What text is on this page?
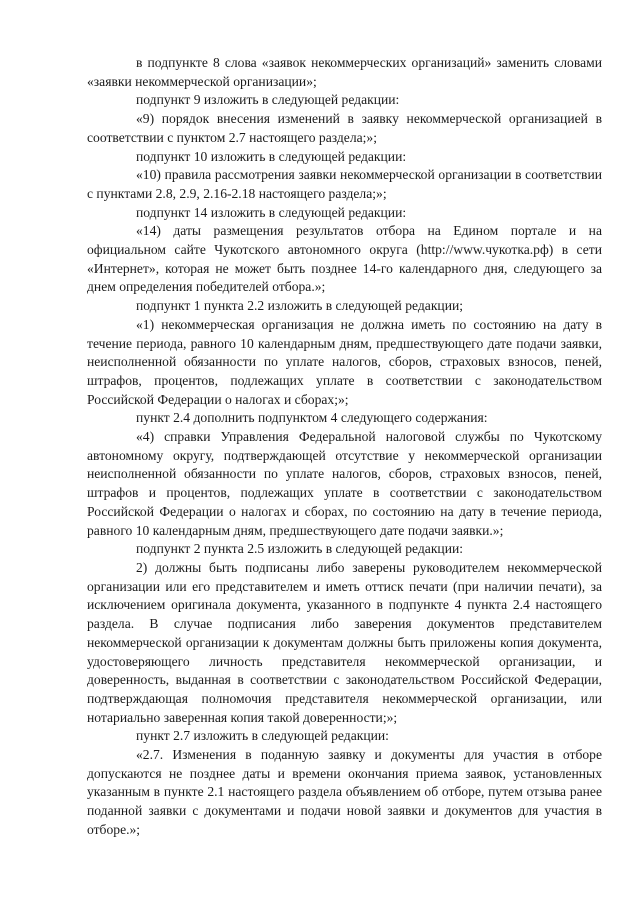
в подпункте 8 слова «заявок некоммерческих организаций» заменить словами «заявки некоммерческой организации»;

подпункт 9 изложить в следующей редакции:

«9) порядок внесения изменений в заявку некоммерческой организацией в соответствии с пунктом 2.7 настоящего раздела;»;

подпункт 10 изложить в следующей редакции:

«10) правила рассмотрения заявки некоммерческой организации в соответствии с пунктами 2.8, 2.9, 2.16-2.18 настоящего раздела;»;

подпункт 14 изложить в следующей редакции:

«14) даты размещения результатов отбора на Едином портале и на официальном сайте Чукотского автономного округа (http://www.чукотка.рф) в сети «Интернет», которая не может быть позднее 14-го календарного дня, следующего за днем определения победителей отбора.»;

подпункт 1 пункта 2.2 изложить в следующей редакции;

«1) некоммерческая организация не должна иметь по состоянию на дату в течение периода, равного 10 календарным дням, предшествующего дате подачи заявки, неисполненной обязанности по уплате налогов, сборов, страховых взносов, пеней, штрафов, процентов, подлежащих уплате в соответствии с законодательством Российской Федерации о налогах и сборах;»;

пункт 2.4 дополнить подпунктом 4 следующего содержания:

«4) справки Управления Федеральной налоговой службы по Чукотскому автономному округу, подтверждающей отсутствие у некоммерческой организации неисполненной обязанности по уплате налогов, сборов, страховых взносов, пеней, штрафов и процентов, подлежащих уплате в соответствии с законодательством Российской Федерации о налогах и сборах, по состоянию на дату в течение периода, равного 10 календарным дням, предшествующего дате подачи заявки.»;

подпункт 2 пункта 2.5 изложить в следующей редакции:

2) должны быть подписаны либо заверены руководителем некоммерческой организации или его представителем и иметь оттиск печати (при наличии печати), за исключением оригинала документа, указанного в подпункте 4 пункта 2.4 настоящего раздела. В случае подписания либо заверения документов представителем некоммерческой организации к документам должны быть приложены копия документа, удостоверяющего личность представителя некоммерческой организации, и доверенность, выданная в соответствии с законодательством Российской Федерации, подтверждающая полномочия представителя некоммерческой организации, или нотариально заверенная копия такой доверенности;»;

пункт 2.7 изложить в следующей редакции:

«2.7. Изменения в поданную заявку и документы для участия в отборе допускаются не позднее даты и времени окончания приема заявок, установленных указанным в пункте 2.1 настоящего раздела объявлением об отборе, путем отзыва ранее поданной заявки с документами и подачи новой заявки и документов для участия в отборе.»;
